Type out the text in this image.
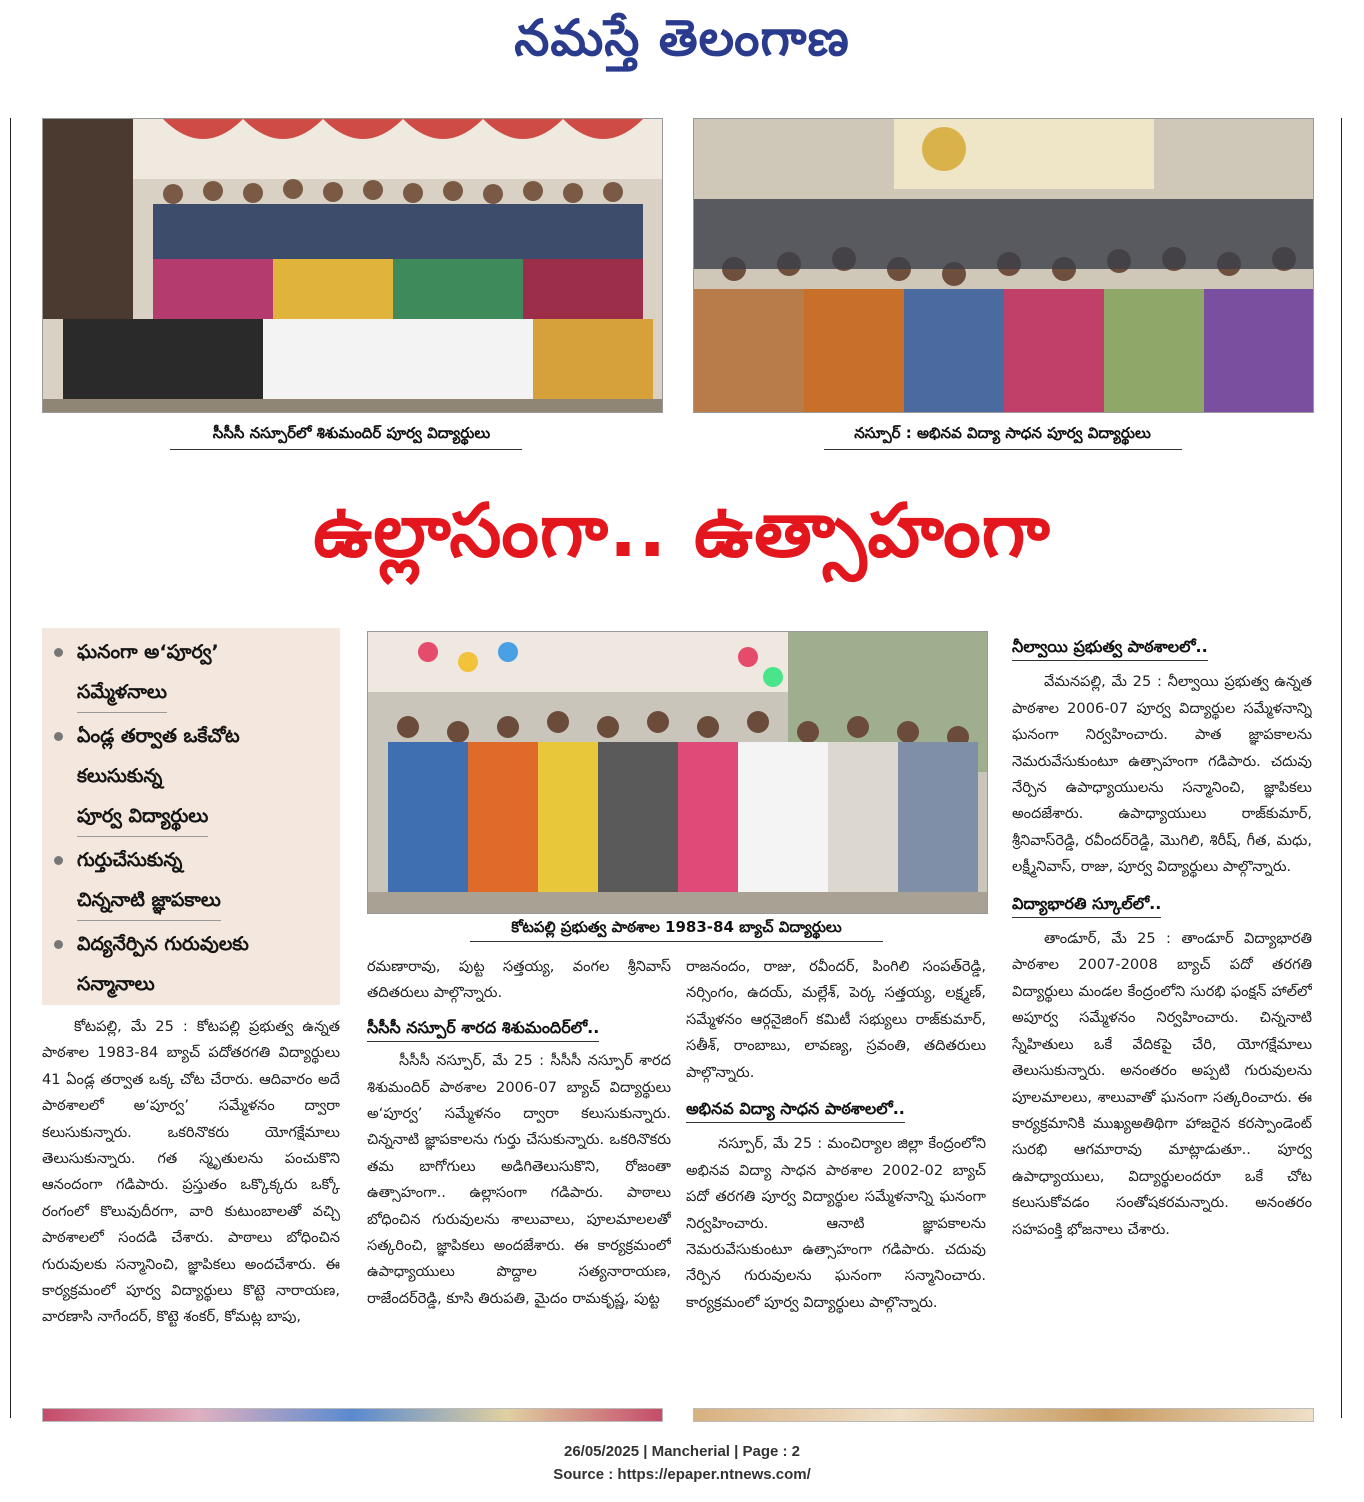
నమస్తే తెలంగాణ
సీసీసీ నస్పూర్‌లో శిశుమందిర్ పూర్వ విద్యార్థులు	నస్పూర్ : అభినవ విద్యా సాధన పూర్వ విద్యార్థులు
ఉల్లాసంగా.. ఉత్సాహంగా
ఘనంగా అ‘పూర్వ’
సమ్మేళనాలు
ఏండ్ల తర్వాత ఒకేచోట
కలుసుకున్న
పూర్వ విద్యార్థులు
గుర్తుచేసుకున్న
చిన్ననాటి జ్ఞాపకాలు
విద్యనేర్పిన గురువులకు
సన్మానాలు
కోటపల్లి ప్రభుత్వ పాఠశాల 1983-84 బ్యాచ్ విద్యార్థులు

కోటపల్లి, మే 25 : కోటపల్లి ప్రభుత్వ ఉన్నత పాఠశాల 1983-84 బ్యాచ్ పదోతరగతి విద్యార్థులు 41 ఏండ్ల తర్వాత ఒక్క చోట చేరారు. ఆదివారం అదే పాఠశాలలో అ‘పూర్వ’ సమ్మేళనం ద్వారా కలుసుకున్నారు. ఒకరినొకరు యోగక్షేమాలు తెలుసుకున్నారు. గత స్మృతులను పంచుకొని ఆనందంగా గడిపారు. ప్రస్తుతం ఒక్కొక్కరు ఒక్కో రంగంలో కొలువుదీరగా, వారి కుటుంబాలతో వచ్చి పాఠశాలలో సందడి చేశారు. పాఠాలు బోధించిన గురువులకు సన్మానించి, జ్ఞాపికలు అందచేశారు. ఈ కార్యక్రమంలో పూర్వ విద్యార్థులు కొట్టె నారాయణ, వారణాసి నాగేందర్, కొట్టె శంకర్, కోమట్ల బాపు,

రమణారావు, పుట్ట సత్తయ్య, వంగల శ్రీనివాస్ తదితరులు పాల్గొన్నారు.

సీసీసీ నస్పూర్ శారద శిశుమందిర్‌లో..

సీసీసీ నస్పూర్, మే 25 : సీసీసీ నస్పూర్ శారద శిశుమందిర్ పాఠశాల 2006-07 బ్యాచ్ విద్యార్థులు అ‘పూర్వ’ సమ్మేళనం ద్వారా కలుసుకున్నారు. చిన్ననాటి జ్ఞాపకాలను గుర్తు చేసుకున్నారు. ఒకరినొకరు తమ బాగోగులు అడిగితెలుసుకొని, రోజంతా ఉత్సాహంగా.. ఉల్లాసంగా గడిపారు. పాఠాలు బోధించిన గురువులను శాలువాలు, పూలమాలలతో సత్కరించి, జ్ఞాపికలు అందజేశారు. ఈ కార్యక్రమంలో ఉపాధ్యాయులు పొద్దాల సత్యనారాయణ, రాజేందర్‌రెడ్డి, కూసి తిరుపతి, మైదం రామకృష్ణ, పుట్ట

రాజనందం, రాజు, రవీందర్, పింగిలి సంపత్‌రెడ్డి, నర్సింగం, ఉదయ్, మల్లేశ్, పెర్క సత్తయ్య, లక్ష్మణ్, సమ్మేళనం ఆర్గనైజింగ్ కమిటీ సభ్యులు రాజ్‌కుమార్, సతీశ్, రాంబాబు, లావణ్య, స్రవంతి, తదితరులు పాల్గొన్నారు.

అభినవ విద్యా సాధన పాఠశాలలో..

నస్పూర్, మే 25 : మంచిర్యాల జిల్లా కేంద్రంలోని అభినవ విద్యా సాధన పాఠశాల 2002-02 బ్యాచ్ పదో తరగతి పూర్వ విద్యార్థుల సమ్మేళనాన్ని ఘనంగా నిర్వహించారు. ఆనాటి జ్ఞాపకాలను నెమరువేసుకుంటూ ఉత్సాహంగా గడిపారు. చదువు నేర్పిన గురువులను ఘనంగా సన్మానించారు. కార్యక్రమంలో పూర్వ విద్యార్థులు పాల్గొన్నారు.

నీల్వాయి ప్రభుత్వ పాఠశాలలో..

వేమనపల్లి, మే 25 : నీల్వాయి ప్రభుత్వ ఉన్నత పాఠశాల 2006-07 పూర్వ విద్యార్థుల సమ్మేళనాన్ని ఘనంగా నిర్వహించారు. పాత జ్ఞాపకాలను నెమరువేసుకుంటూ ఉత్సాహంగా గడిపారు. చదువు నేర్పిన ఉపాధ్యాయులను సన్మానించి, జ్ఞాపికలు అందజేశారు. ఉపాధ్యాయులు రాజ్‌కుమార్, శ్రీనివాస్‌రెడ్డి, రవీందర్‌రెడ్డి, మొగిలి, శిరీష్, గీత, మధు, లక్ష్మీనివాస్, రాజు, పూర్వ విద్యార్థులు పాల్గొన్నారు.

విద్యాభారతి స్కూల్‌లో..

తాండూర్, మే 25 : తాండూర్ విద్యాభారతి పాఠశాల 2007-2008 బ్యాచ్ పదో తరగతి విద్యార్థులు మండల కేంద్రంలోని సురభి ఫంక్షన్ హాల్‌లో అపూర్వ సమ్మేళనం నిర్వహించారు. చిన్ననాటి స్నేహితులు ఒకే వేదికపై చేరి, యోగక్షేమాలు తెలుసుకున్నారు. అనంతరం అప్పటి గురువులను పూలమాలలు, శాలువాతో ఘనంగా సత్కరించారు. ఈ కార్యక్రమానికి ముఖ్యఅతిథిగా హాజరైన కరస్పాండెంట్ సురభి ఆగమారావు మాట్లాడుతూ.. పూర్వ ఉపాధ్యాయులు, విద్యార్థులందరూ ఒకే చోట కలుసుకోవడం సంతోషకరమన్నారు. అనంతరం సహపంక్తి భోజనాలు చేశారు.

26/05/2025 | Mancherial | Page : 2
Source : https://epaper.ntnews.com/
